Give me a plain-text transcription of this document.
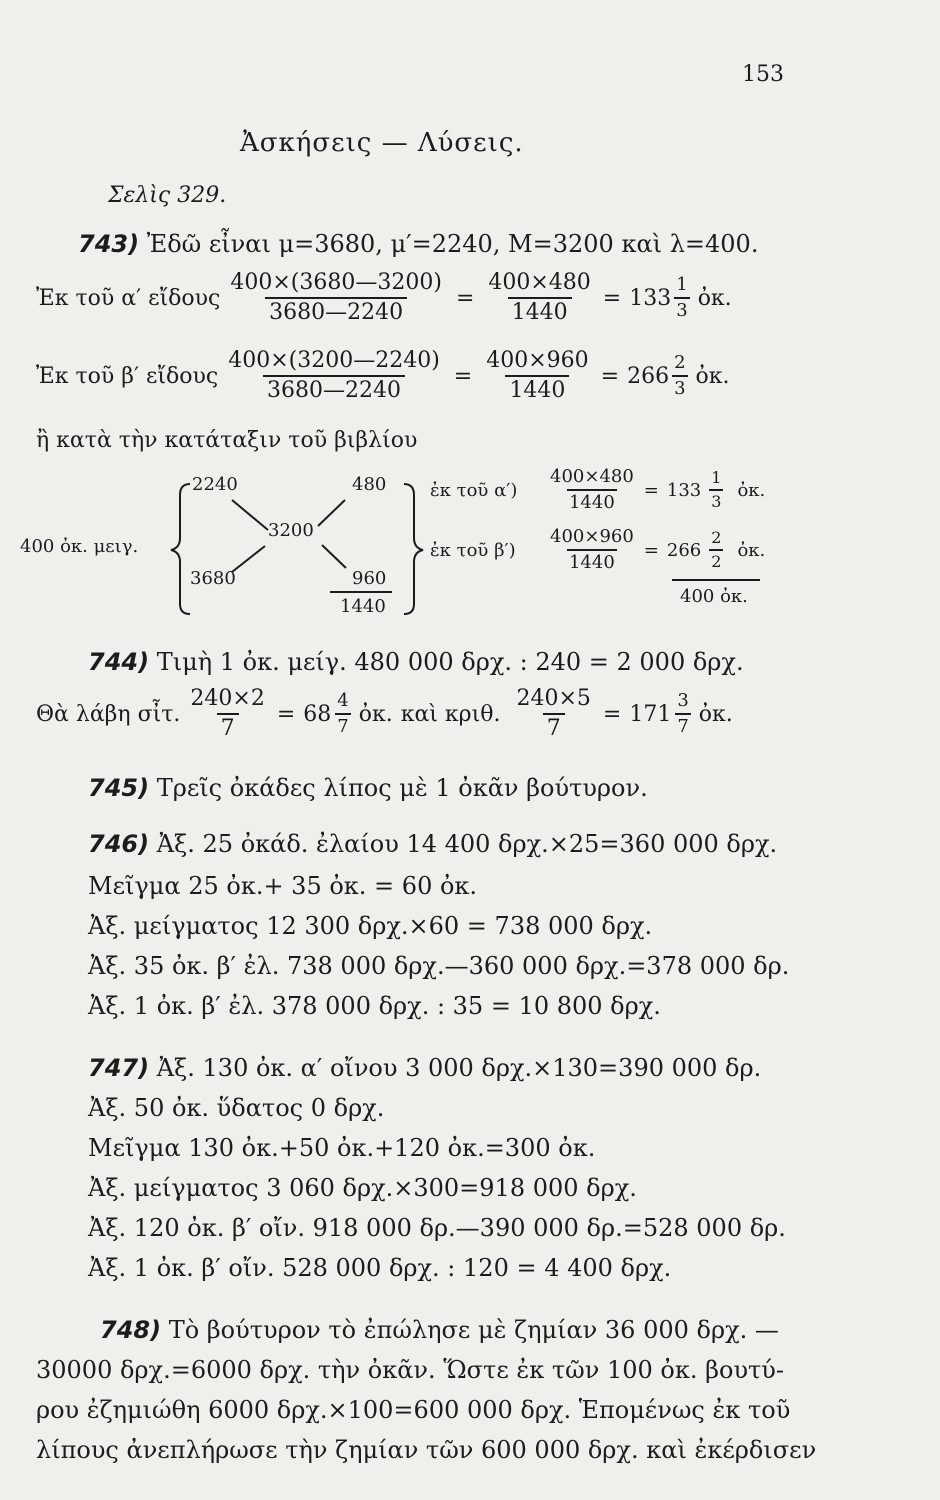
153
Ἀσκήσεις — Λύσεις.
Σελὶς 329.
743) Ἐδῶ εἶναι μ=3680, μ′=2240, Μ=3200 καὶ λ=400.
Ἐκ τοῦ α′ εἴδους $\frac{400\times(3680—3200)}{3680—2240} = \frac{400\times 480}{1440} = 133 \frac{1}{3}$ ὀκ.
Ἐκ τοῦ β′ εἴδους $\frac{400\times(3200—2240)}{3680—2240} = \frac{400\times 960}{1440} = 266 \frac{2}{3}$ ὀκ.
ἢ κατὰ τὴν κατάταξιν τοῦ βιβλίου
400 ὀκ. μειγ.
2240	480
3200
3680	960
1440
ἐκ τοῦ α′)	$\frac{400\times 480}{1440} = 133 \frac{1}{3}$ ὀκ.
ἐκ τοῦ β′)	$\frac{400\times 960}{1440} = 266 \frac{2}{2}$ ὀκ.
400 ὀκ.
744) Τιμὴ 1 ὀκ. μείγ. 480 000 δρχ. : 240 = 2 000 δρχ.
Θὰ λάβη σἶτ. $\frac{240\times 2}{7} = 68 \frac{4}{7}$ ὀκ. καὶ κριθ. $\frac{240\times 5}{7} = 171 \frac{3}{7}$ ὀκ.
745) Τρεῖς ὀκάδες λίπος μὲ 1 ὀκᾶν βούτυρον.
746) Ἀξ. 25 ὀκάδ. ἐλαίου 14 400 δρχ.×25=360 000 δρχ.
Μεῖγμα 25 ὀκ.+ 35 ὀκ. = 60 ὀκ.
Ἀξ. μείγματος 12 300 δρχ.×60 = 738 000 δρχ.
Ἀξ. 35 ὀκ. β′ ἐλ. 738 000 δρχ.—360 000 δρχ.=378 000 δρ.
Ἀξ. 1 ὀκ. β′ ἐλ. 378 000 δρχ. : 35 = 10 800 δρχ.
747) Ἀξ. 130 ὀκ. α′ οἴνου 3 000 δρχ.×130=390 000 δρ.
Ἀξ. 50 ὀκ. ὕδατος 0 δρχ.
Μεῖγμα 130 ὀκ.+50 ὀκ.+120 ὀκ.=300 ὀκ.
Ἀξ. μείγματος 3 060 δρχ.×300=918 000 δρχ.
Ἀξ. 120 ὀκ. β′ οἴν. 918 000 δρ.—390 000 δρ.=528 000 δρ.
Ἀξ. 1 ὀκ. β′ οἴν. 528 000 δρχ. : 120 = 4 400 δρχ.
748) Τὸ βούτυρον τὸ ἐπώλησε μὲ ζημίαν 36 000 δρχ. —
30000 δρχ.=6000 δρχ. τὴν ὀκᾶν. Ὥστε ἐκ τῶν 100 ὀκ. βουτύ-
ρου ἐζημιώθη 6000 δρχ.×100=600 000 δρχ. Ἑπομένως ἐκ τοῦ
λίπους ἀνεπλήρωσε τὴν ζημίαν τῶν 600 000 δρχ. καὶ ἐκέρδισεν
